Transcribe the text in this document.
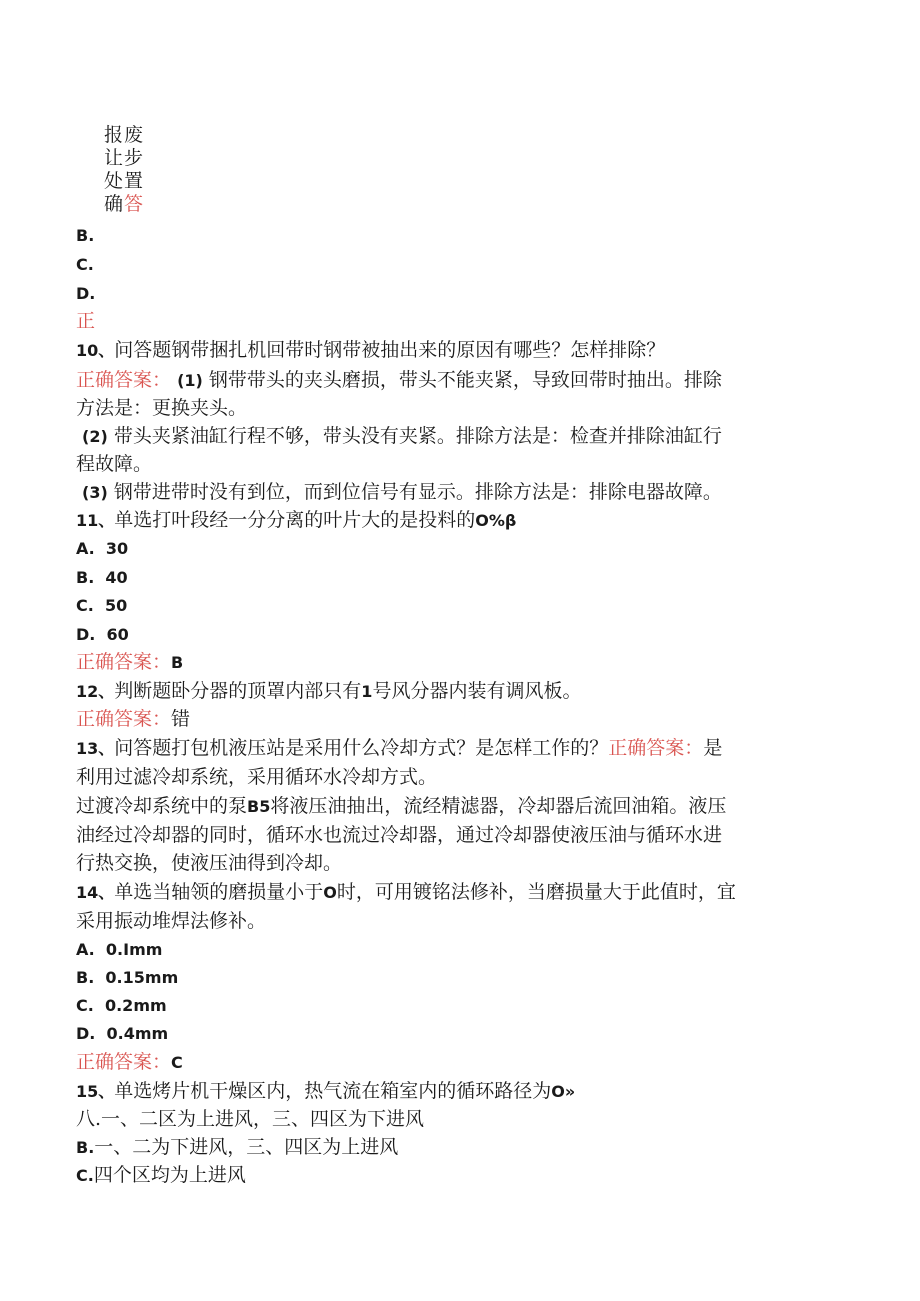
报废
让步
处置
确答
B.
C.
D.
正
10、问答题钢带捆扎机回带时钢带被抽出来的原因有哪些？怎样排除？
正确答案： (1) 钢带带头的夹头磨损，带头不能夹紧，导致回带时抽出。排除
方法是：更换夹头。
(2) 带头夹紧油缸行程不够，带头没有夹紧。排除方法是：检查并排除油缸行
程故障。
(3) 钢带进带时没有到位，而到位信号有显示。排除方法是：排除电器故障。
11、单选打叶段经一分分离的叶片大的是投料的O%β
A. 30
B. 40
C. 50
D. 60
正确答案：B
12、判断题卧分器的顶罩内部只有1号风分器内装有调风板。
正确答案：错
13、问答题打包机液压站是采用什么冷却方式？是怎样工作的？正确答案：是
利用过滤冷却系统，采用循环水冷却方式。
过渡冷却系统中的泵B5将液压油抽出，流经精滤器，冷却器后流回油箱。液压
油经过冷却器的同时，循环水也流过冷却器，通过冷却器使液压油与循环水进
行热交换，使液压油得到冷却。
14、单选当轴领的磨损量小于O时，可用镀铭法修补，当磨损量大于此值时，宜
采用振动堆焊法修补。
A. 0.Imm
B. 0.15mm
C. 0.2mm
D. 0.4mm
正确答案：C
15、单选烤片机干燥区内，热气流在箱室内的循环路径为O»
八.一、二区为上进风，三、四区为下进风
B.一、二为下进风，三、四区为上进风
C.四个区均为上进风
